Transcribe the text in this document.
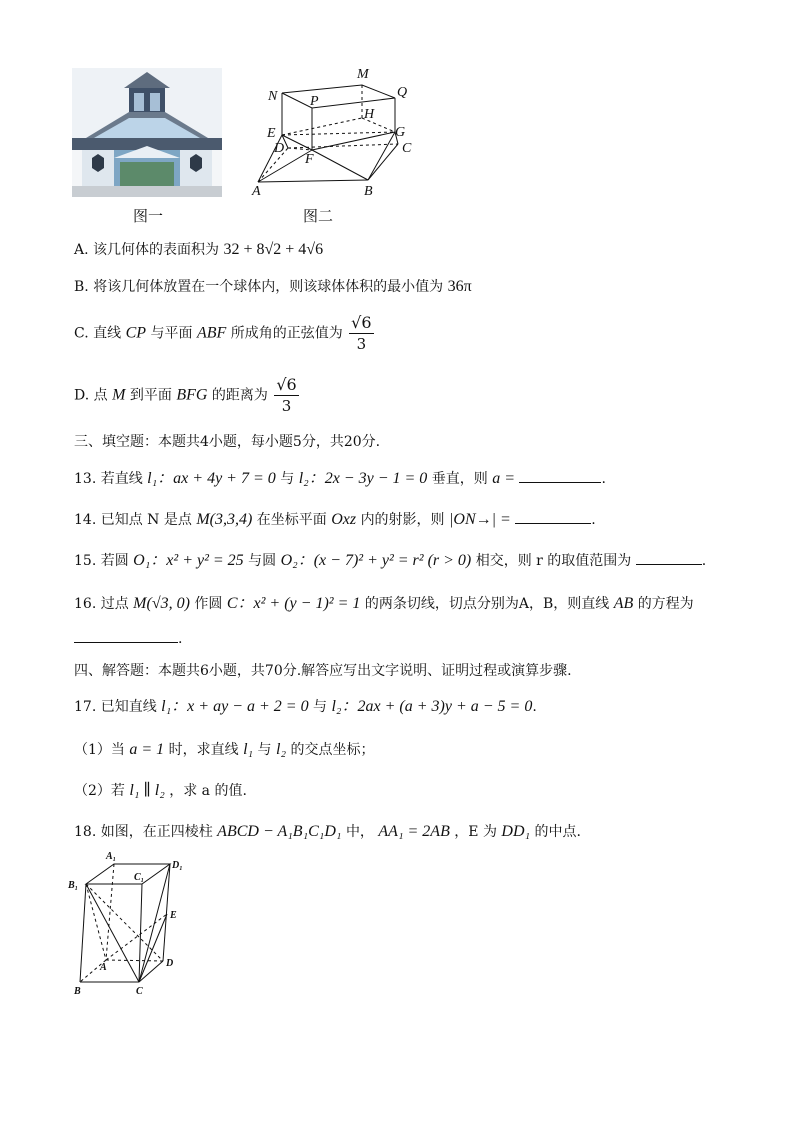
图一
N
M
Q
P
H
E	G
D
F
C
A	B
图二
A. 该几何体的表面积为 32 + 8√2 + 4√6
B. 将该几何体放置在一个球体内，则该球体体积的最小值为 36π
C. 直线 CP 与平面 ABF 所成角的正弦值为 $\frac{√6}{3}$
D. 点 M 到平面 BFG 的距离为 $\frac{√6}{3}$
三、填空题：本题共4小题，每小题5分，共20分.
13. 若直线 l₁：ax + 4y + 7 = 0 与 l₂：2x − 3y − 1 = 0 垂直，则 a =	.
14. 已知点 N 是点 M(3,3,4) 在坐标平面 Oxz 内的射影，则 |ON→| =	.
15. 若圆 O₁：x² + y² = 25 与圆 O₂：(x − 7)² + y² = r² (r > 0) 相交，则 r 的取值范围为	.
16. 过点 M(√3, 0) 作圆 C：x² + (y − 1)² = 1 的两条切线，切点分别为A，B，则直线 AB 的方程为
.
四、解答题：本题共6小题，共70分.解答应写出文字说明、证明过程或演算步骤.
17. 已知直线 l₁：x + ay − a + 2 = 0 与 l₂：2ax + (a + 3)y + a − 5 = 0.
（1）当 a = 1 时，求直线 l₁ 与 l₂ 的交点坐标；
（2）若 l₁ ∥ l₂ ，求 a 的值.
18. 如图，在正四棱柱 ABCD − A₁B₁C₁D₁ 中， AA₁ = 2AB ，E 为 DD₁ 的中点.
A₁
D₁
B₁
C₁
E
A	D
B	C
